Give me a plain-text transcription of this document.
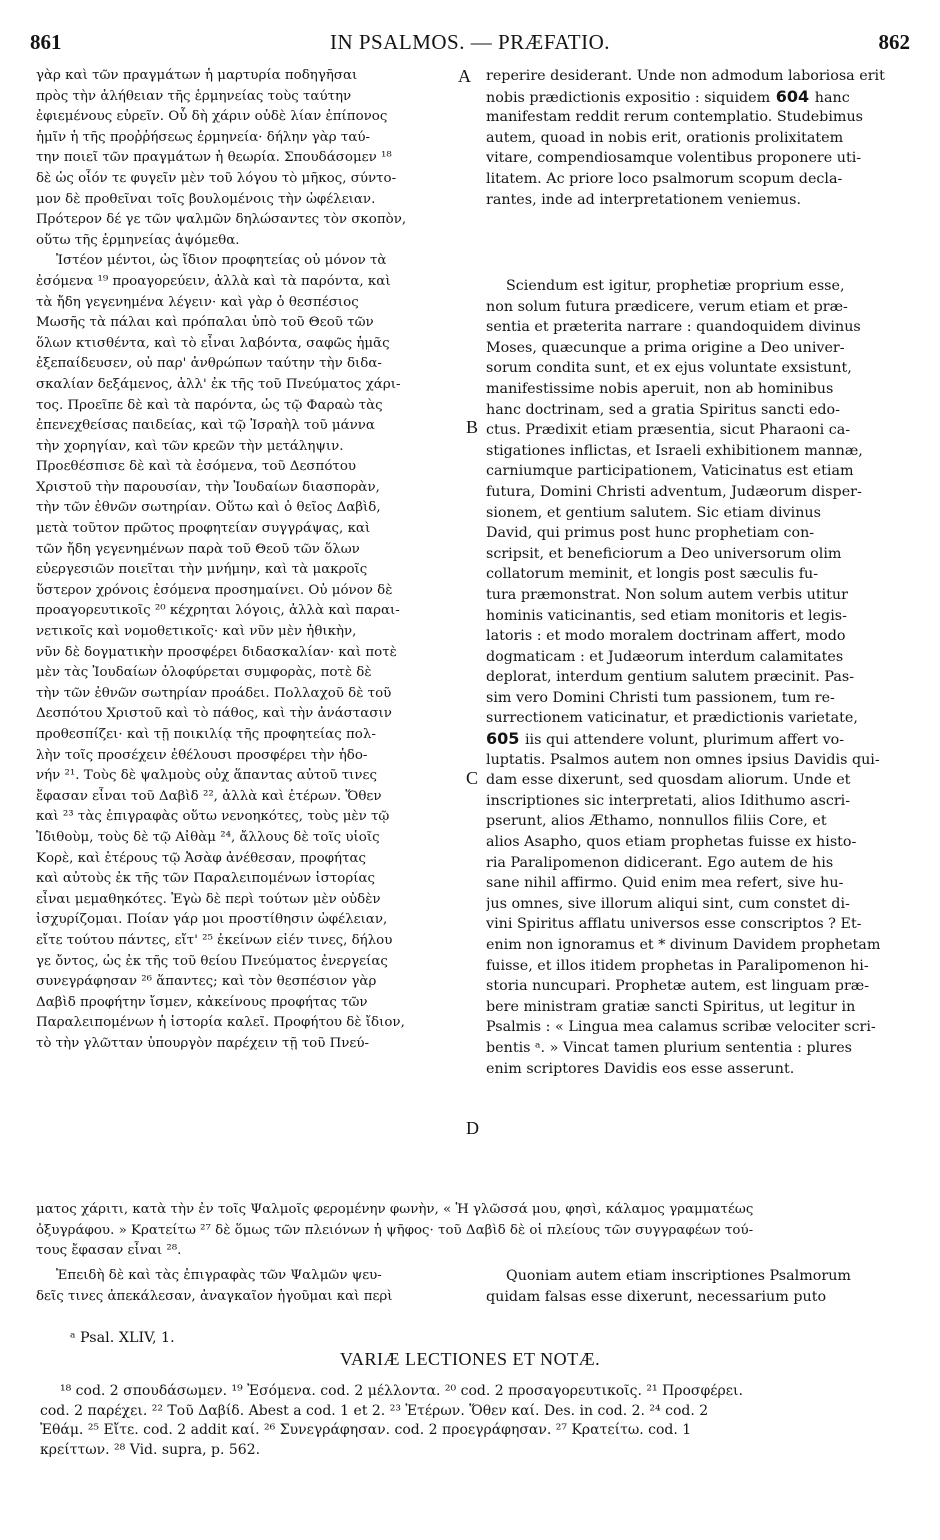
861	IN PSALMOS. — PRÆFATIO.	862
γὰρ καὶ τῶν πραγμάτων ἡ μαρτυρία ποδηγῆσαι
πρὸς τὴν ἀλήθειαν τῆς ἑρμηνείας τοὺς ταύτην
ἐφιεμένους εὑρεῖν. Οὗ δὴ χάριν οὐδὲ λίαν ἐπίπονος
ἡμῖν ἡ τῆς προῤῥήσεως ἑρμηνεία· δήλην γὰρ ταύ-
την ποιεῖ τῶν πραγμάτων ἡ θεωρία. Σπουδάσομεν ¹⁸
δὲ ὡς οἷόν τε φυγεῖν μὲν τοῦ λόγου τὸ μῆκος, σύντο-
μον δὲ προθεῖναι τοῖς βουλομένοις τὴν ὠφέλειαν.
Πρότερον δέ γε τῶν ψαλμῶν δηλώσαντες τὸν σκοπὸν,
οὕτω τῆς ἑρμηνείας ἁψόμεθα.
Ἰστέον μέντοι, ὡς ἴδιον προφητείας οὐ μόνον τὰ
ἐσόμενα ¹⁹ προαγορεύειν, ἀλλὰ καὶ τὰ παρόντα, καὶ
τὰ ἤδη γεγενημένα λέγειν· καὶ γὰρ ὁ θεσπέσιος
Μωσῆς τὰ πάλαι καὶ πρόπαλαι ὑπὸ τοῦ Θεοῦ τῶν
ὅλων κτισθέντα, καὶ τὸ εἶναι λαβόντα, σαφῶς ἡμᾶς
ἐξεπαίδευσεν, οὐ παρ' ἀνθρώπων ταύτην τὴν διδα-
σκαλίαν δεξάμενος, ἀλλ' ἐκ τῆς τοῦ Πνεύματος χάρι-
τος. Προεῖπε δὲ καὶ τὰ παρόντα, ὡς τῷ Φαραὼ τὰς
ἐπενεχθείσας παιδείας, καὶ τῷ Ἰσραὴλ τοῦ μάννα
τὴν χορηγίαν, καὶ τῶν κρεῶν τὴν μετάληψιν.
Προεθέσπισε δὲ καὶ τὰ ἐσόμενα, τοῦ Δεσπότου
Χριστοῦ τὴν παρουσίαν, τὴν Ἰουδαίων διασπορὰν,
τὴν τῶν ἐθνῶν σωτηρίαν. Οὕτω καὶ ὁ θεῖος Δαβὶδ,
μετὰ τοῦτον πρῶτος προφητείαν συγγράψας, καὶ
τῶν ἤδη γεγενημένων παρὰ τοῦ Θεοῦ τῶν ὅλων
εὐεργεσιῶν ποιεῖται τὴν μνήμην, καὶ τὰ μακροῖς
ὕστερον χρόνοις ἐσόμενα προσημαίνει. Οὐ μόνον δὲ
προαγορευτικοῖς ²⁰ κέχρηται λόγοις, ἀλλὰ καὶ παραι-
νετικοῖς καὶ νομοθετικοῖς· καὶ νῦν μὲν ἠθικὴν,
νῦν δὲ δογματικὴν προσφέρει διδασκαλίαν· καὶ ποτὲ
μὲν τὰς Ἰουδαίων ὀλοφύρεται συμφορὰς, ποτὲ δὲ
τὴν τῶν ἐθνῶν σωτηρίαν προάδει. Πολλαχοῦ δὲ τοῦ
Δεσπότου Χριστοῦ καὶ τὸ πάθος, καὶ τὴν ἀνάστασιν
προθεσπίζει· καὶ τῇ ποικιλίᾳ τῆς προφητείας πολ-
λὴν τοῖς προσέχειν ἐθέλουσι προσφέρει τὴν ἡδο-
νήν ²¹. Τοὺς δὲ ψαλμοὺς οὐχ ἅπαντας αὐτοῦ τινες
ἔφασαν εἶναι τοῦ Δαβὶδ ²², ἀλλὰ καὶ ἑτέρων. Ὅθεν
καὶ ²³ τὰς ἐπιγραφὰς οὕτω νενοηκότες, τοὺς μὲν τῷ
Ἰδιθοὺμ, τοὺς δὲ τῷ Αἰθὰμ ²⁴, ἄλλους δὲ τοῖς υἱοῖς
Κορὲ, καὶ ἑτέρους τῷ Ἀσὰφ ἀνέθεσαν, προφήτας
καὶ αὐτοὺς ἐκ τῆς τῶν Παραλειπομένων ἱστορίας
εἶναι μεμαθηκότες. Ἐγὼ δὲ περὶ τούτων μὲν οὐδὲν
ἰσχυρίζομαι. Ποίαν γάρ μοι προστίθησιν ὠφέλειαν,
εἴτε τούτου πάντες, εἴτ' ²⁵ ἐκείνων εἰέν τινες, δήλου
γε ὄντος, ὡς ἐκ τῆς τοῦ θείου Πνεύματος ἐνεργείας
συνεγράφησαν ²⁶ ἅπαντες; καὶ τὸν θεσπέσιον γὰρ
Δαβὶδ προφήτην ἴσμεν, κἀκείνους προφήτας τῶν
Παραλειπομένων ἡ ἱστορία καλεῖ. Προφήτου δὲ ἴδιον,
τὸ τὴν γλῶτταν ὑπουργὸν παρέχειν τῇ τοῦ Πνεύ-
reperire desiderant. Unde non admodum laboriosa erit
nobis prædictionis expositio : siquidem 604 hanc
manifestam reddit rerum contemplatio. Studebimus
autem, quoad in nobis erit, orationis prolixitatem
vitare, compendiosamque volentibus proponere uti-
litatem. Ac priore loco psalmorum scopum decla-
rantes, inde ad interpretationem veniemus.
Sciendum est igitur, prophetiæ proprium esse,
non solum futura prædicere, verum etiam et præ-
sentia et præterita narrare : quandoquidem divinus
Moses, quæcunque a prima origine a Deo univer-
sorum condita sunt, et ex ejus voluntate exsistunt,
manifestissime nobis aperuit, non ab hominibus
hanc doctrinam, sed a gratia Spiritus sancti edo-
ctus. Prædixit etiam præsentia, sicut Pharaoni ca-
stigationes inflictas, et Israeli exhibitionem mannæ,
carniumque participationem, Vaticinatus est etiam
futura, Domini Christi adventum, Judæorum disper-
sionem, et gentium salutem. Sic etiam divinus
David, qui primus post hunc prophetiam con-
scripsit, et beneficiorum a Deo universorum olim
collatorum meminit, et longis post sæculis fu-
tura præmonstrat. Non solum autem verbis utitur
hominis vaticinantis, sed etiam monitoris et legis-
latoris : et modo moralem doctrinam affert, modo
dogmaticam : et Judæorum interdum calamitates
deplorat, interdum gentium salutem præcinit. Pas-
sim vero Domini Christi tum passionem, tum re-
surrectionem vaticinatur, et prædictionis varietate,
605 iis qui attendere volunt, plurimum affert vo-
luptatis. Psalmos autem non omnes ipsius Davidis qui-
dam esse dixerunt, sed quosdam aliorum. Unde et
inscriptiones sic interpretati, alios Idithumo ascri-
pserunt, alios Æthamo, nonnullos filiis Core, et
alios Asapho, quos etiam prophetas fuisse ex histo-
ria Paralipomenon didicerant. Ego autem de his
sane nihil affirmo. Quid enim mea refert, sive hu-
jus omnes, sive illorum aliqui sint, cum constet di-
vini Spiritus afflatu universos esse conscriptos ? Et-
enim non ignoramus et * divinum Davidem prophetam
fuisse, et illos itidem prophetas in Paralipomenon hi-
storia nuncupari. Prophetæ autem, est linguam præ-
bere ministram gratiæ sancti Spiritus, ut legitur in
Psalmis : « Lingua mea calamus scribæ velociter scri-
bentis ᵃ. » Vincat tamen plurium sententia : plures
enim scriptores Davidis eos esse asserunt.
A
B
C
D
ματος χάριτι, κατὰ τὴν ἐν τοῖς Ψαλμοῖς φερομένην φωνὴν, « Ἡ γλῶσσά μου, φησὶ, κάλαμος γραμματέως
ὀξυγράφου. » Κρατείτω ²⁷ δὲ ὅμως τῶν πλειόνων ἡ ψῆφος· τοῦ Δαβὶδ δὲ οἱ πλείους τῶν συγγραφέων τού-
τους ἔφασαν εἶναι ²⁸.
Ἐπειδὴ δὲ καὶ τὰς ἐπιγραφὰς τῶν Ψαλμῶν ψευ-
δεῖς τινες ἀπεκάλεσαν, ἀναγκαῖον ἡγοῦμαι καὶ περὶ
Quoniam autem etiam inscriptiones Psalmorum
quidam falsas esse dixerunt, necessarium puto
ᵃ Psal. XLIV, 1.
VARIÆ LECTIONES ET NOTÆ.
¹⁸ cod. 2 σπουδάσωμεν. ¹⁹ Ἐσόμενα. cod. 2 μέλλοντα. ²⁰ cod. 2 προσαγορευτικοῖς. ²¹ Προσφέρει.
cod. 2 παρέχει. ²² Τοῦ Δαβίδ. Abest a cod. 1 et 2. ²³ Ἑτέρων. Ὅθεν καί. Des. in cod. 2. ²⁴ cod. 2
Ἐθάμ. ²⁵ Εἴτε. cod. 2 addit καί. ²⁶ Συνεγράφησαν. cod. 2 προεγράφησαν. ²⁷ Κρατείτω. cod. 1
κρείττων. ²⁸ Vid. supra, p. 562.
